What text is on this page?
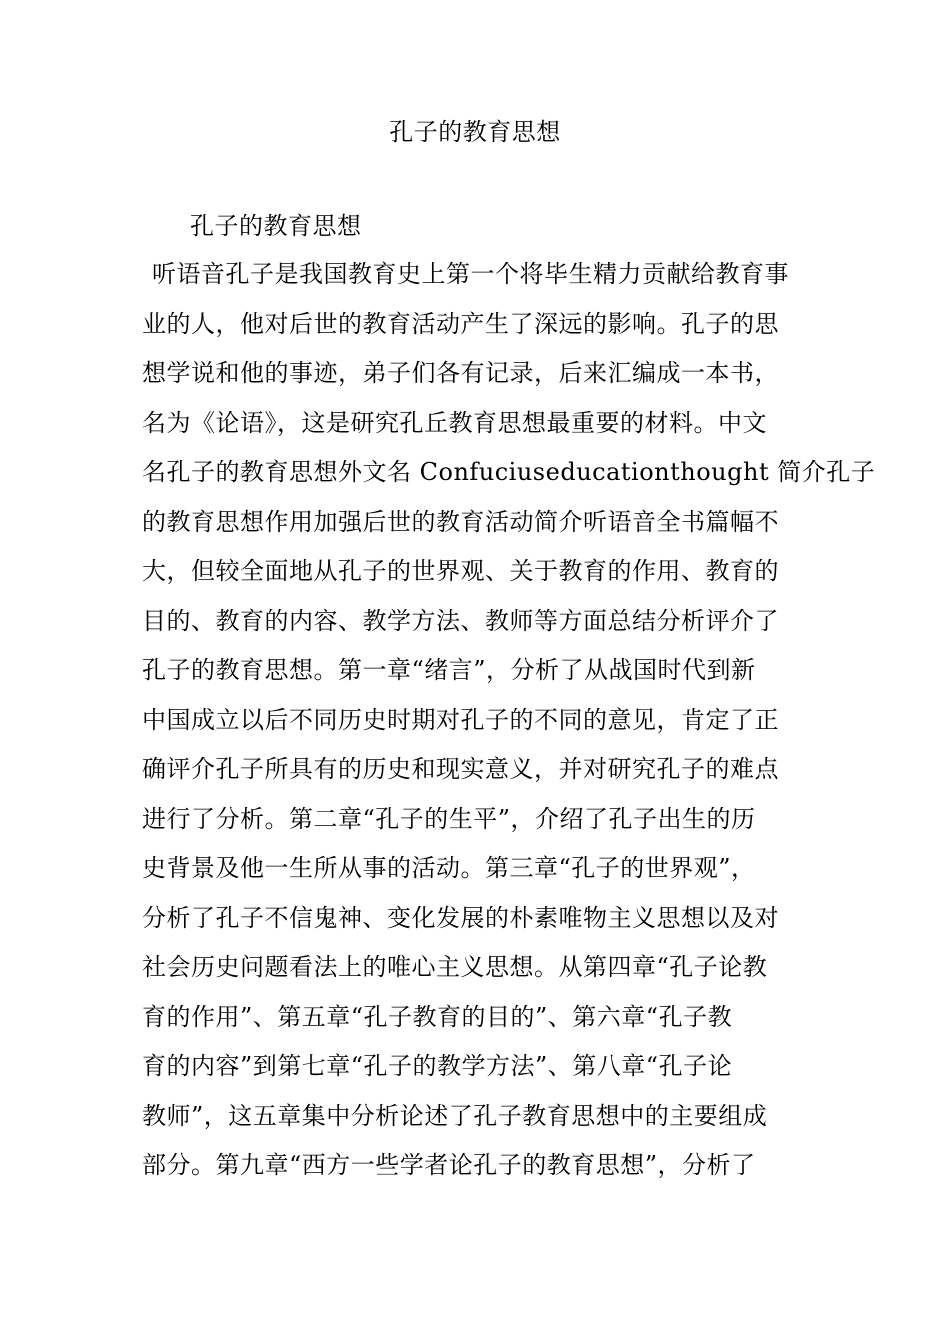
孔子的教育思想
孔子的教育思想
听语音孔子是我国教育史上第一个将毕生精力贡献给教育事
业的人，他对后世的教育活动产生了深远的影响。孔子的思
想学说和他的事迹，弟子们各有记录，后来汇编成一本书，
名为《论语》，这是研究孔丘教育思想最重要的材料。中文
名孔子的教育思想外文名 Confuciuseducationthought 简介孔子
的教育思想作用加强后世的教育活动简介听语音全书篇幅不
大，但较全面地从孔子的世界观、关于教育的作用、教育的
目的、教育的内容、教学方法、教师等方面总结分析评介了
孔子的教育思想。第一章“绪言”，分析了从战国时代到新
中国成立以后不同历史时期对孔子的不同的意见，肯定了正
确评介孔子所具有的历史和现实意义，并对研究孔子的难点
进行了分析。第二章“孔子的生平”，介绍了孔子出生的历
史背景及他一生所从事的活动。第三章“孔子的世界观”，
分析了孔子不信鬼神、变化发展的朴素唯物主义思想以及对
社会历史问题看法上的唯心主义思想。从第四章“孔子论教
育的作用”、第五章“孔子教育的目的”、第六章“孔子教
育的内容”到第七章“孔子的教学方法”、第八章“孔子论
教师”，这五章集中分析论述了孔子教育思想中的主要组成
部分。第九章“西方一些学者论孔子的教育思想”，分析了
